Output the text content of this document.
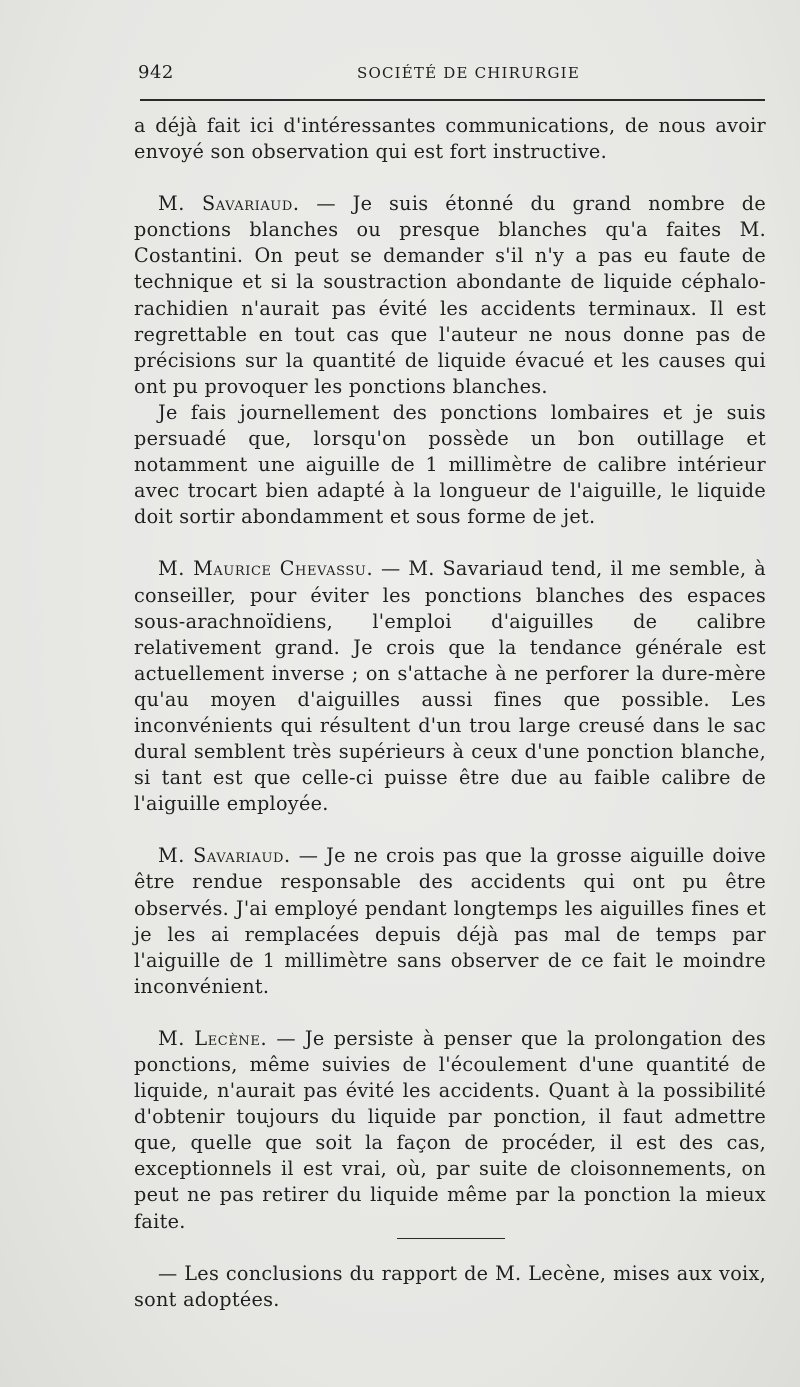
942	SOCIÉTÉ DE CHIRURGIE

a déjà fait ici d'intéressantes communications, de nous avoir envoyé son observation qui est fort instructive.

M. Savariaud. — Je suis étonné du grand nombre de ponctions blanches ou presque blanches qu'a faites M. Costantini. On peut se demander s'il n'y a pas eu faute de technique et si la soustraction abondante de liquide céphalo-rachidien n'aurait pas évité les accidents terminaux. Il est regrettable en tout cas que l'auteur ne nous donne pas de précisions sur la quantité de liquide évacué et les causes qui ont pu provoquer les ponctions blanches.

Je fais journellement des ponctions lombaires et je suis persuadé que, lorsqu'on possède un bon outillage et notamment une aiguille de 1 millimètre de calibre intérieur avec trocart bien adapté à la longueur de l'aiguille, le liquide doit sortir abondamment et sous forme de jet.

M. Maurice Chevassu. — M. Savariaud tend, il me semble, à conseiller, pour éviter les ponctions blanches des espaces sous-arachnoïdiens, l'emploi d'aiguilles de calibre relativement grand. Je crois que la tendance générale est actuellement inverse ; on s'attache à ne perforer la dure-mère qu'au moyen d'aiguilles aussi fines que possible. Les inconvénients qui résultent d'un trou large creusé dans le sac dural semblent très supérieurs à ceux d'une ponction blanche, si tant est que celle-ci puisse être due au faible calibre de l'aiguille employée.

M. Savariaud. — Je ne crois pas que la grosse aiguille doive être rendue responsable des accidents qui ont pu être observés. J'ai employé pendant longtemps les aiguilles fines et je les ai remplacées depuis déjà pas mal de temps par l'aiguille de 1 millimètre sans observer de ce fait le moindre inconvénient.

M. Lecène. — Je persiste à penser que la prolongation des ponctions, même suivies de l'écoulement d'une quantité de liquide, n'aurait pas évité les accidents. Quant à la possibilité d'obtenir toujours du liquide par ponction, il faut admettre que, quelle que soit la façon de procéder, il est des cas, exceptionnels il est vrai, où, par suite de cloisonnements, on peut ne pas retirer du liquide même par la ponction la mieux faite.

— Les conclusions du rapport de M. Lecène, mises aux voix, sont adoptées.
